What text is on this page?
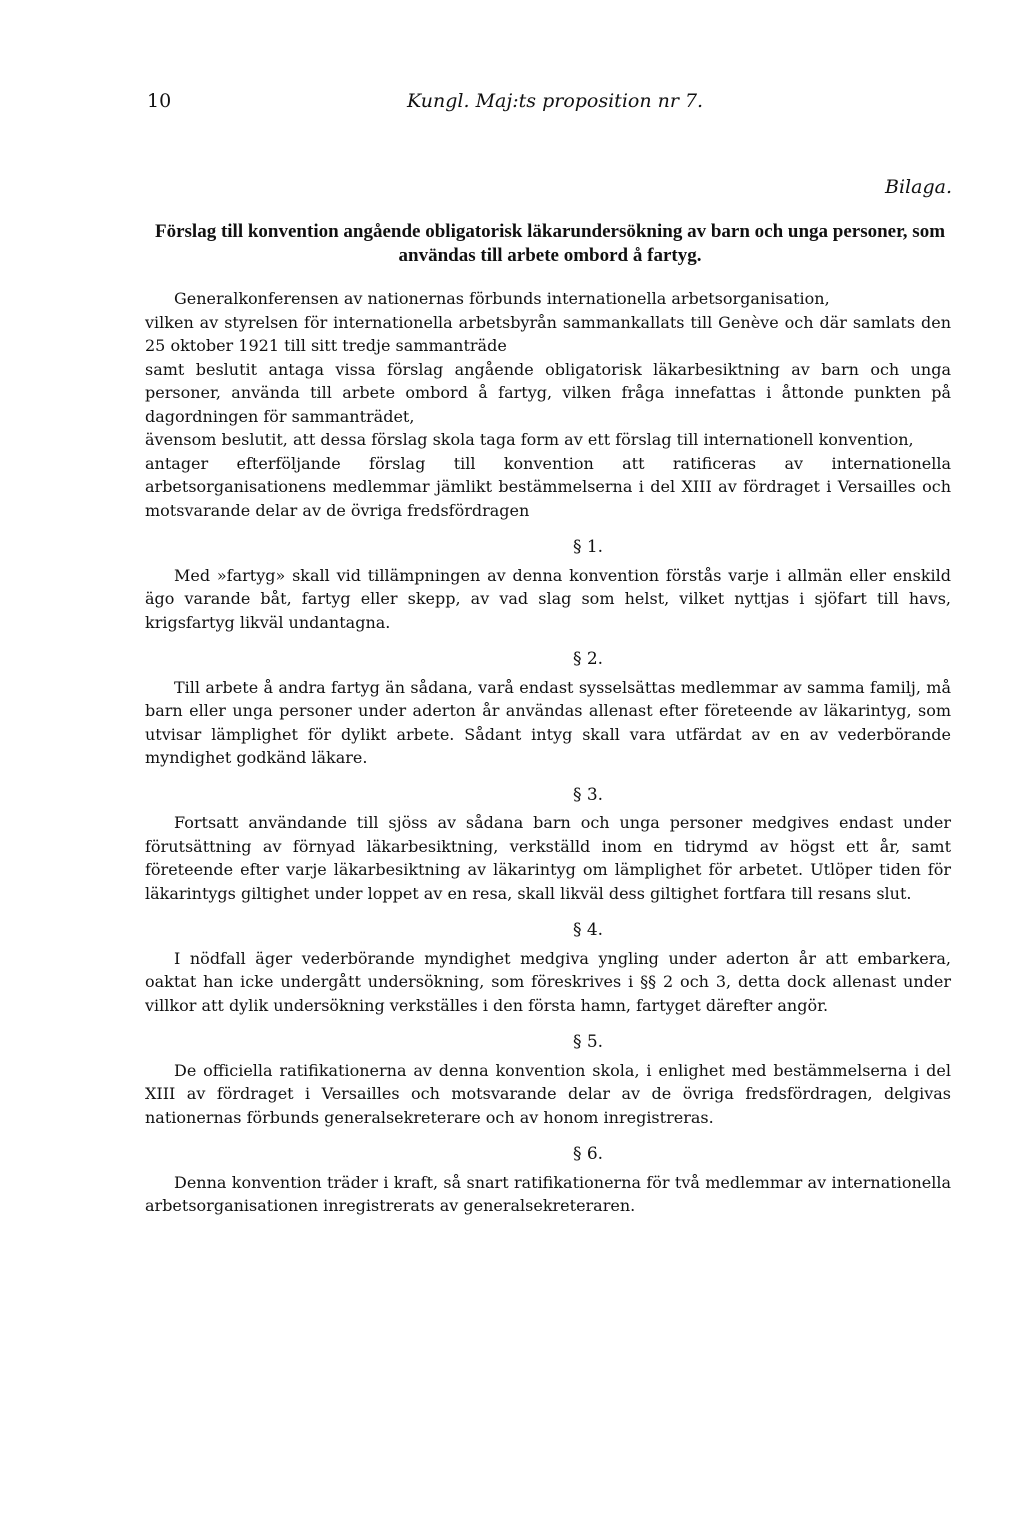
10	Kungl. Maj:ts proposition nr 7.
Bilaga.
Förslag till konvention angående obligatorisk läkarundersökning av barn och unga personer, som användas till arbete ombord å fartyg.

Generalkonferensen av nationernas förbunds internationella arbetsorganisation,

vilken av styrelsen för internationella arbetsbyrån sammankallats till Genève och där samlats den 25 oktober 1921 till sitt tredje sammanträde

samt beslutit antaga vissa förslag angående obligatorisk läkarbesiktning av barn och unga personer, använda till arbete ombord å fartyg, vilken fråga innefattas i åttonde punkten på dagordningen för sammanträdet,

ävensom beslutit, att dessa förslag skola taga form av ett förslag till internationell konvention,

antager efterföljande förslag till konvention att ratificeras av internationella arbetsorganisationens medlemmar jämlikt bestämmelserna i del XIII av fördraget i Versailles och motsvarande delar av de övriga fredsfördragen

§ 1.

Med »fartyg» skall vid tillämpningen av denna konvention förstås varje i allmän eller enskild ägo varande båt, fartyg eller skepp, av vad slag som helst, vilket nyttjas i sjöfart till havs, krigsfartyg likväl undantagna.

§ 2.

Till arbete å andra fartyg än sådana, varå endast sysselsättas medlemmar av samma familj, må barn eller unga personer under aderton år användas allenast efter företeende av läkarintyg, som utvisar lämplighet för dylikt arbete. Sådant intyg skall vara utfärdat av en av vederbörande myndighet godkänd läkare.

§ 3.

Fortsatt användande till sjöss av sådana barn och unga personer medgives endast under förutsättning av förnyad läkarbesiktning, verkställd inom en tidrymd av högst ett år, samt företeende efter varje läkarbesiktning av läkarintyg om lämplighet för arbetet. Utlöper tiden för läkarintygs giltighet under loppet av en resa, skall likväl dess giltighet fortfara till resans slut.

§ 4.

I nödfall äger vederbörande myndighet medgiva yngling under aderton år att embarkera, oaktat han icke undergått undersökning, som föreskrives i §§ 2 och 3, detta dock allenast under villkor att dylik undersökning verkställes i den första hamn, fartyget därefter angör.

§ 5.

De officiella ratifikationerna av denna konvention skola, i enlighet med bestämmelserna i del XIII av fördraget i Versailles och motsvarande delar av de övriga fredsfördragen, delgivas nationernas förbunds generalsekreterare och av honom inregistreras.

§ 6.

Denna konvention träder i kraft, så snart ratifikationerna för två medlemmar av internationella arbetsorganisationen inregistrerats av generalsekreteraren.
